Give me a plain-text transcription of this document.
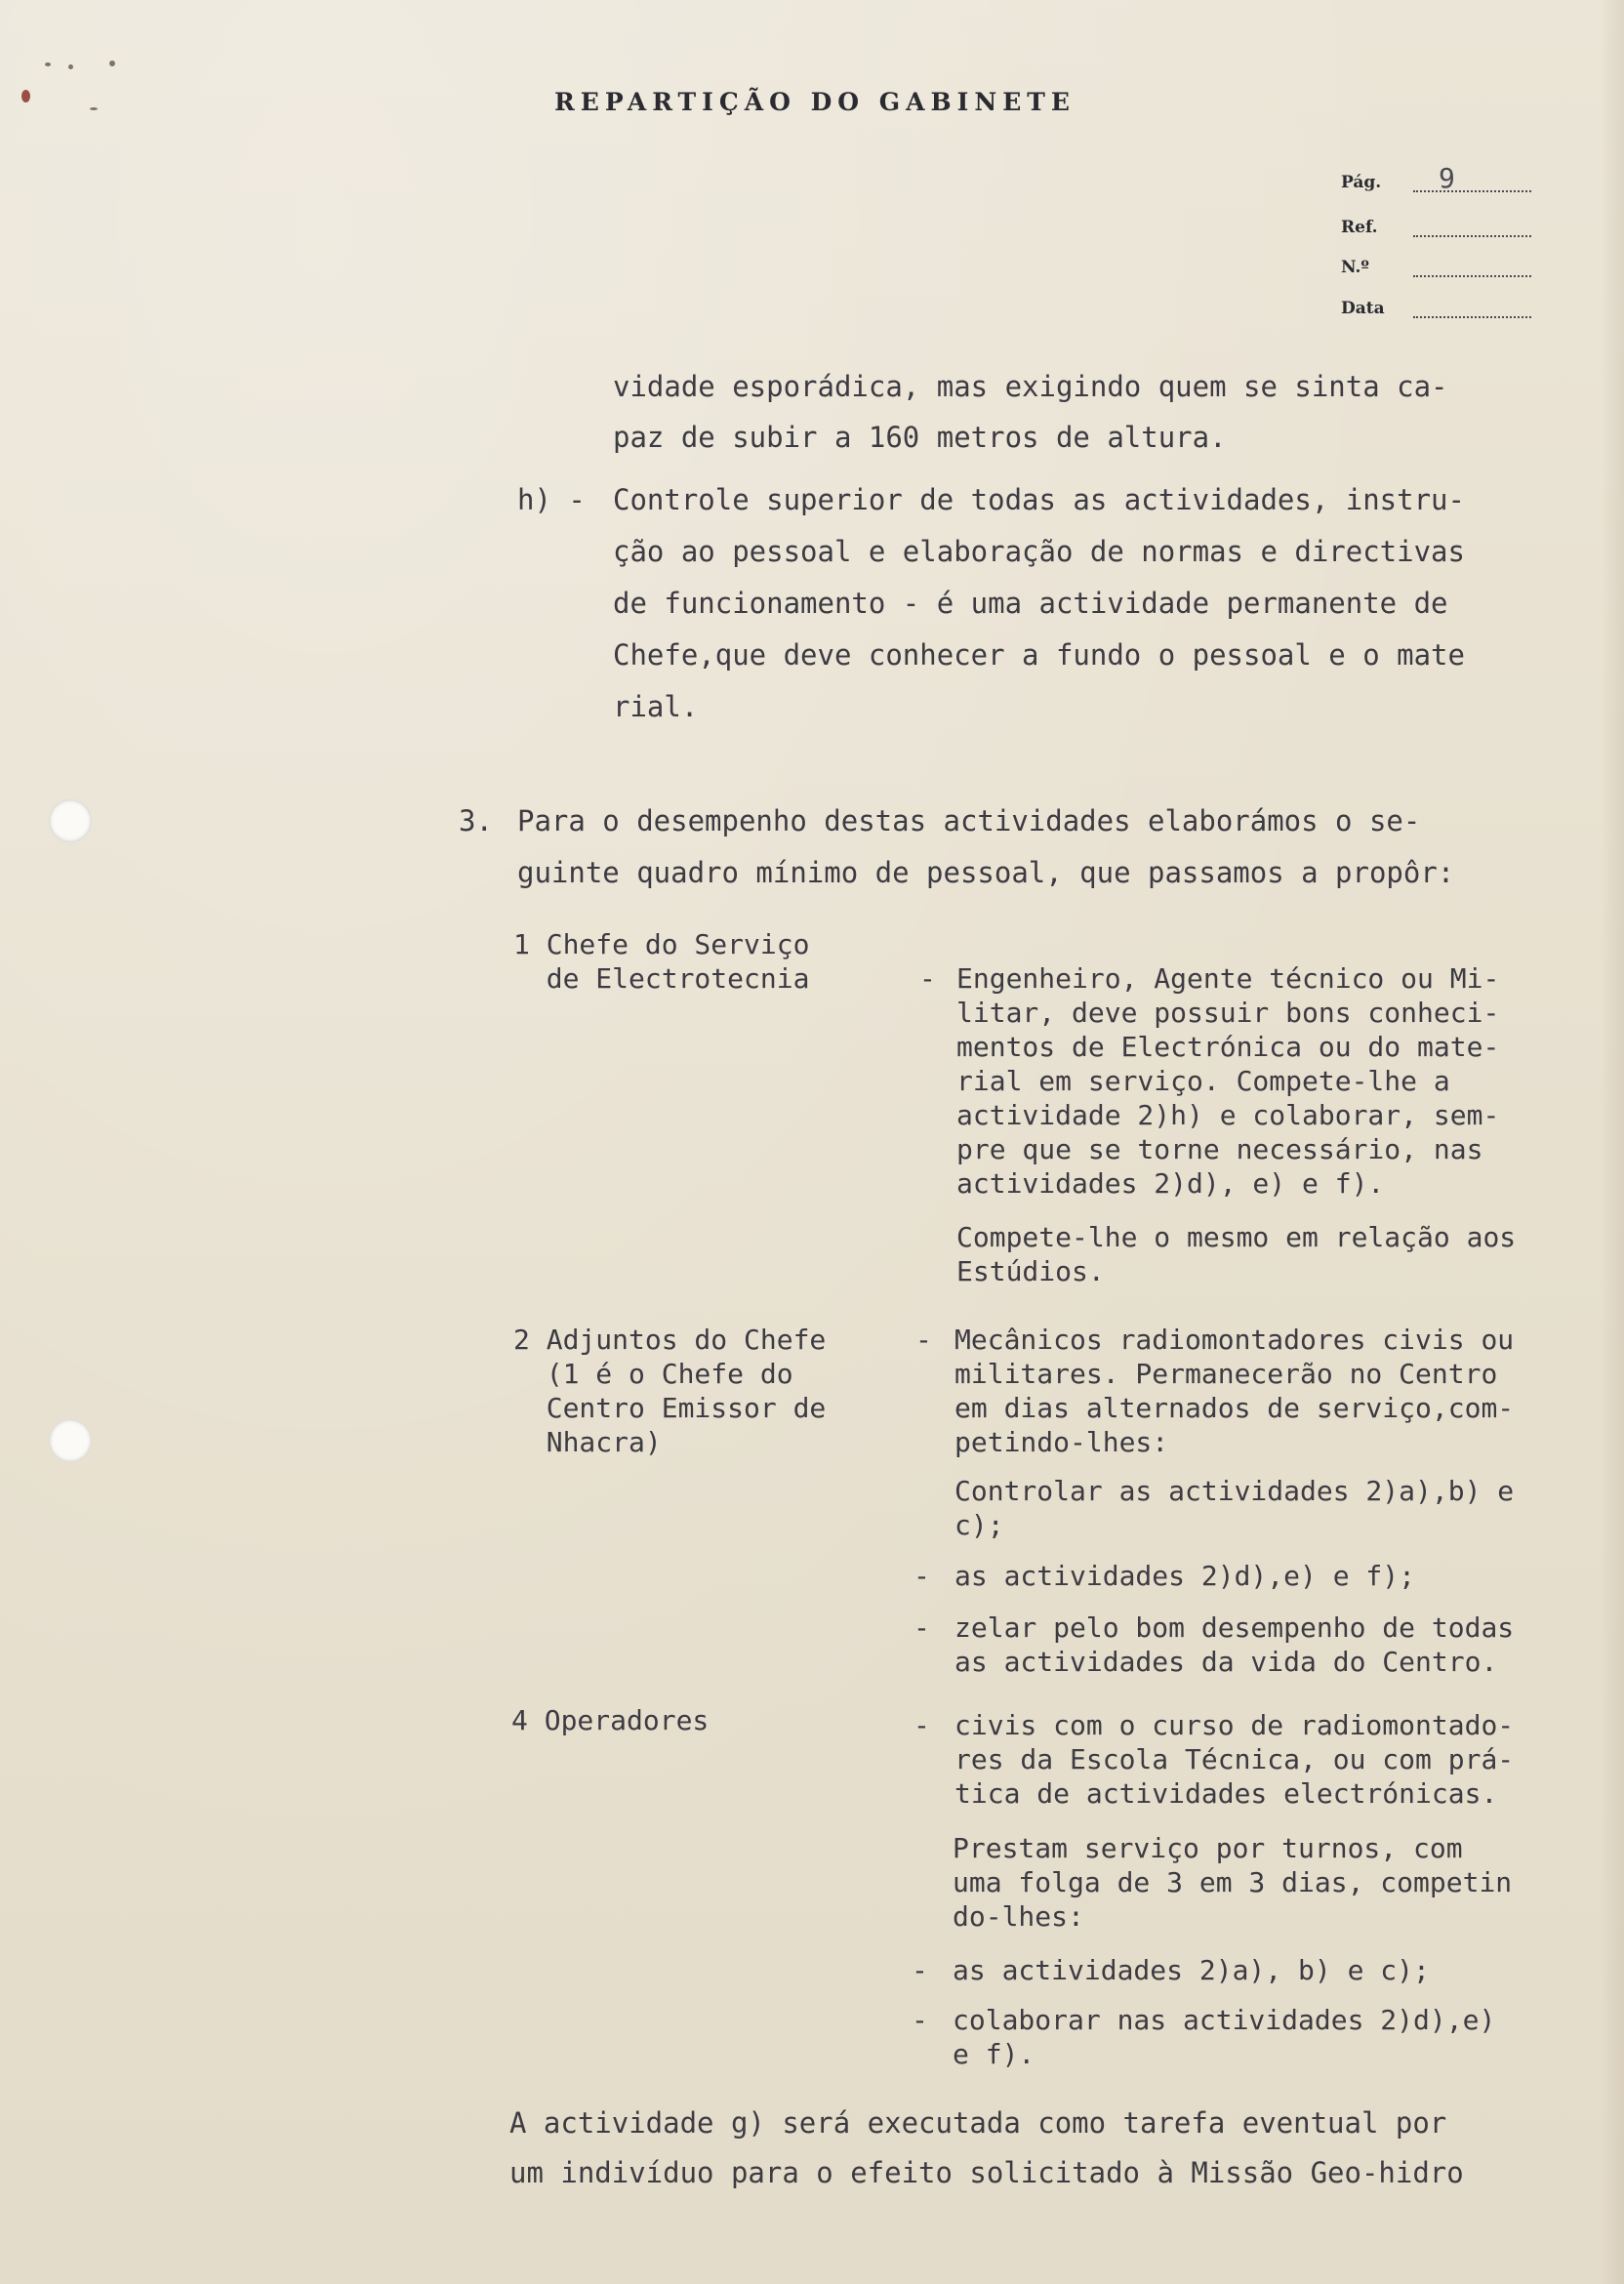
REPARTIÇÃO DO GABINETE
Pág. 9
Ref.
N.º
Data
vidade esporádica, mas exigindo quem se sinta ca-
paz de subir a 160 metros de altura.
h) - Controle superior de todas as actividades, instru-
ção ao pessoal e elaboração de normas e directivas
de funcionamento - é uma actividade permanente de
Chefe,que deve conhecer a fundo o pessoal e o mate
rial.
3. Para o desempenho destas actividades elaborámos o se-
guinte quadro mínimo de pessoal, que passamos a propôr:
1 Chefe do Serviço
de Electrotecnia	- Engenheiro, Agente técnico ou Mi-
litar, deve possuir bons conheci-
mentos de Electrónica ou do mate-
rial em serviço. Compete-lhe a
actividade 2)h) e colaborar, sem-
pre que se torne necessário, nas
actividades 2)d), e) e f).
Compete-lhe o mesmo em relação aos
Estúdios.
2 Adjuntos do Chefe
(1 é o Chefe do
Centro Emissor de
Nhacra)
- Mecânicos radiomontadores civis ou
militares. Permanecerão no Centro
em dias alternados de serviço,com-
petindo-lhes:
Controlar as actividades 2)a),b) e
c);
- as actividades 2)d),e) e f);
- zelar pelo bom desempenho de todas
as actividades da vida do Centro.
4 Operadores	- civis com o curso de radiomontado-
res da Escola Técnica, ou com prá-
tica de actividades electrónicas.
Prestam serviço por turnos, com
uma folga de 3 em 3 dias, competin
do-lhes:
- as actividades 2)a), b) e c);
- colaborar nas actividades 2)d),e)
e f).
A actividade g) será executada como tarefa eventual por
um indivíduo para o efeito solicitado à Missão Geo-hidro
